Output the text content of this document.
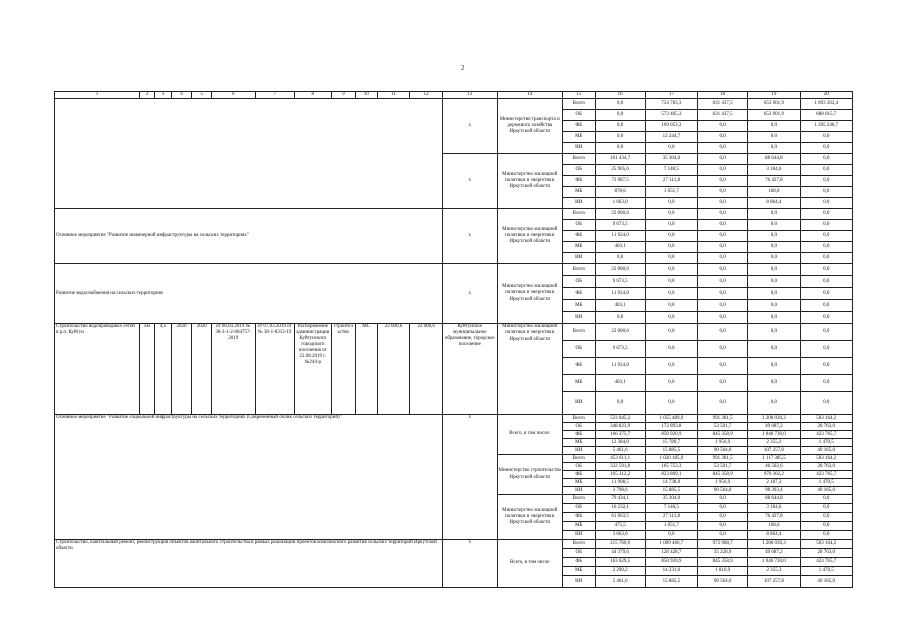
2
1	2	3	4	5	6	7	8	9	10	11	12	13	14	15	16	17	18	19	20
												х	Министерство транспорта и дорожного хозяйства Иркутской области	Всего	0,0	754 783,3	631 437,5	653 901,9	1 893 262,4
														ОБ	0,0	573 485,3	631 437,5	653 901,9	688 015,7
														ФБ	0,0	169 053,3	0,0	0,0	1 205 246,7
														МБ	0,0	12 244,7	0,0	0,0	0,0
														ИИ	0,0	0,0	0,0	0,0	0,0
												х	Министерство жилищной политики и энергетики Иркутской области	Всего	101 434,7	35 304,0	0,0	88 644,8	0,0
														ОБ	25 905,6	7 140,5	0,0	3 184,6	0,0
														ФБ	72 987,5	27 111,8	0,0	76 427,8	0,0
														МБ	878,6	1 051,7	0,0	168,0	0,0
														ИИ	1 663,0	0,0	0,0	8 864,4	0,0
Основное мероприятие "Развитие инженерной инфраструктуры на сельских территориях"												х	Министерство жилищной политики и энергетики Иркутской области	Всего	22 000,6	0,0	0,0	0,0	0,0
														ОБ	9 673,5	0,0	0,0	0,0	0,0
														ФБ	11 924,0	0,0	0,0	0,0	0,0
														МБ	403,1	0,0	0,0	0,0	0,0
														ИИ	0,0	0,0	0,0	0,0	0,0
Развитие водоснабжения на сельских территориях												х	Министерство жилищной политики и энергетики Иркутской области	Всего	22 000,6	0,0	0,0	0,0	0,0
														ОБ	9 673,5	0,0	0,0	0,0	0,0
														ФБ	11 924,0	0,0	0,0	0,0	0,0
														МБ	403,1	0,0	0,0	0,0	0,0
														ИИ	0,0	0,0	0,0	0,0	0,0
Строительство водопроводных сетей в р.п. Куйтун	км	4,5	2020	2020	от 06.03.2019 № 38-1-1-2-004757-2019	от 07.03.2019 от № 38-1-0312-19	Распоряжение администрации Куйтунского городского поселения от 22.08.2019 г. №244-р	строительство	МС	22 000,6	22 000,6	Куйтунское муниципальное образование, городское поселение	Министерство жилищной политики и энергетики Иркутской области	Всего	22 000,6	0,0	0,0	0,0	0,0
														ОБ	9 673,5	0,0	0,0	0,0	0,0
														ФБ	11 924,0	0,0	0,0	0,0	0,0
														МБ	403,1	0,0	0,0	0,0	0,0
														ИИ	0,0	0,0	0,0	0,0	0,0
Основное мероприятие "Развитие социальной инфраструктуры на сельских территориях (Современный облик сельских территорий)"												х	Всего, в том числе:	Всего	533 045,2	1 055 489,9	991 381,5	1 206 030,3	503 164,2
														ОБ	348 823,9	172 893,8	53 501,7	49 687,2	28 763,0
														ФБ	166 375,7	850 920,9	845 358,9	1 046 730,0	423 765,7
														МБ	12 384,0	15 789,7	1 956,9	2 355,3	1 470,5
														ИИ	5 461,6	15 885,5	90 564,0	107 257,8	49 165,0
													Министерство строительства Иркутской области	Всего	453 611,1	1 020 185,9	991 381,5	1 117 385,5	503 164,2
														ОБ	332 591,8	165 753,3	53 501,7	46 502,6	28 763,0
														ФБ	105 312,2	823 809,1	845 358,9	970 302,2	423 765,7
														МБ	11 908,5	14 738,0	1 956,9	2 187,3	1 470,5
														ИИ	3 798,6	15 885,5	90 564,0	98 393,4	49 165,0
													Министерство жилищной политики и энергетики Иркутской области	Всего	79 434,1	35 304,0	0,0	88 644,8	0,0
														ОБ	16 232,1	7 140,5	0,0	3 184,6	0,0
														ФБ	61 063,5	27 111,8	0,0	76 427,8	0,0
														МБ	475,5	1 051,7	0,0	168,0	0,0
														ИИ	3 663,0	0,0	0,0	8 864,4	0,0
Строительство, капитальный ремонт, реконструкция объектов капитального строительства в рамках реализации проектов комплексного развития сельских территорий Иркутской области												х	Всего, в том числе	Всего	215 760,9	1 009 466,7	972 968,7	1 206 030,3	503 164,2
														ОБ	44 379,6	128 428,7	35 228,9	49 687,2	28 763,0
														ФБ	163 629,5	850 920,9	845 358,9	1 046 730,0	423 765,7
														МБ	2 290,2	14 231,6	1 816,9	2 355,3	1 470,5
														ИИ	5 461,6	15 885,5	90 564,0	107 257,8	49 165,0
